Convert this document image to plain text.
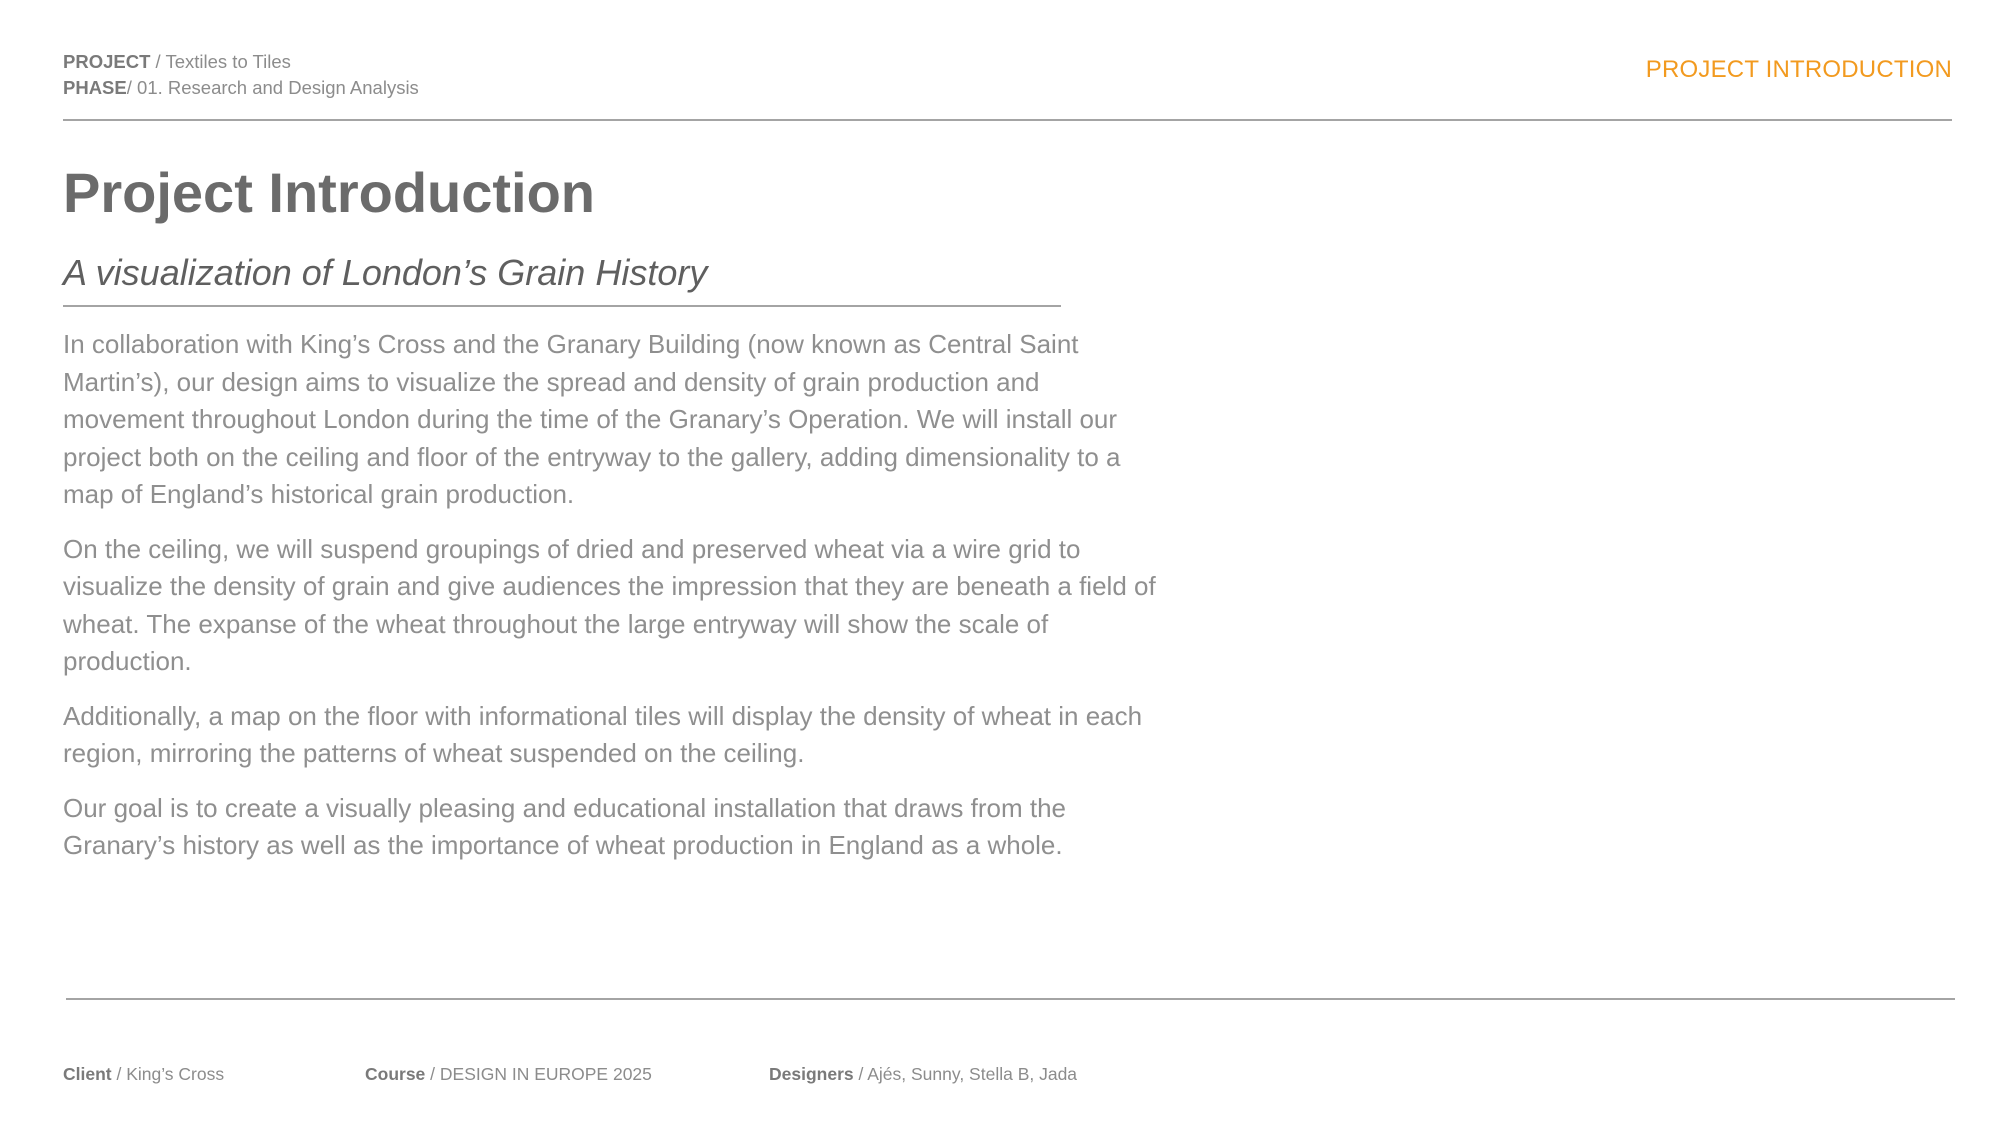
PROJECT / Textiles to Tiles
PHASE/ 01. Research and Design Analysis
PROJECT INTRODUCTION
Project Introduction
A visualization of London’s Grain History

In collaboration with King’s Cross and the Granary Building (now known as Central Saint Martin’s), our design aims to visualize the spread and density of grain production and movement throughout London during the time of the Granary’s Operation. We will install our project both on the ceiling and floor of the entryway to the gallery, adding dimensionality to a map of England’s historical grain production.

On the ceiling, we will suspend groupings of dried and preserved wheat via a wire grid to visualize the density of grain and give audiences the impression that they are beneath a field of wheat. The expanse of the wheat throughout the large entryway will show the scale of production.

Additionally, a map on the floor with informational tiles will display the density of wheat in each region, mirroring the patterns of wheat suspended on the ceiling.

Our goal is to create a visually pleasing and educational installation that draws from the Granary’s history as well as the importance of wheat production in England as a whole.

Client / King’s Cross	Course / DESIGN IN EUROPE 2025	Designers / Ajés, Sunny, Stella B, Jada
